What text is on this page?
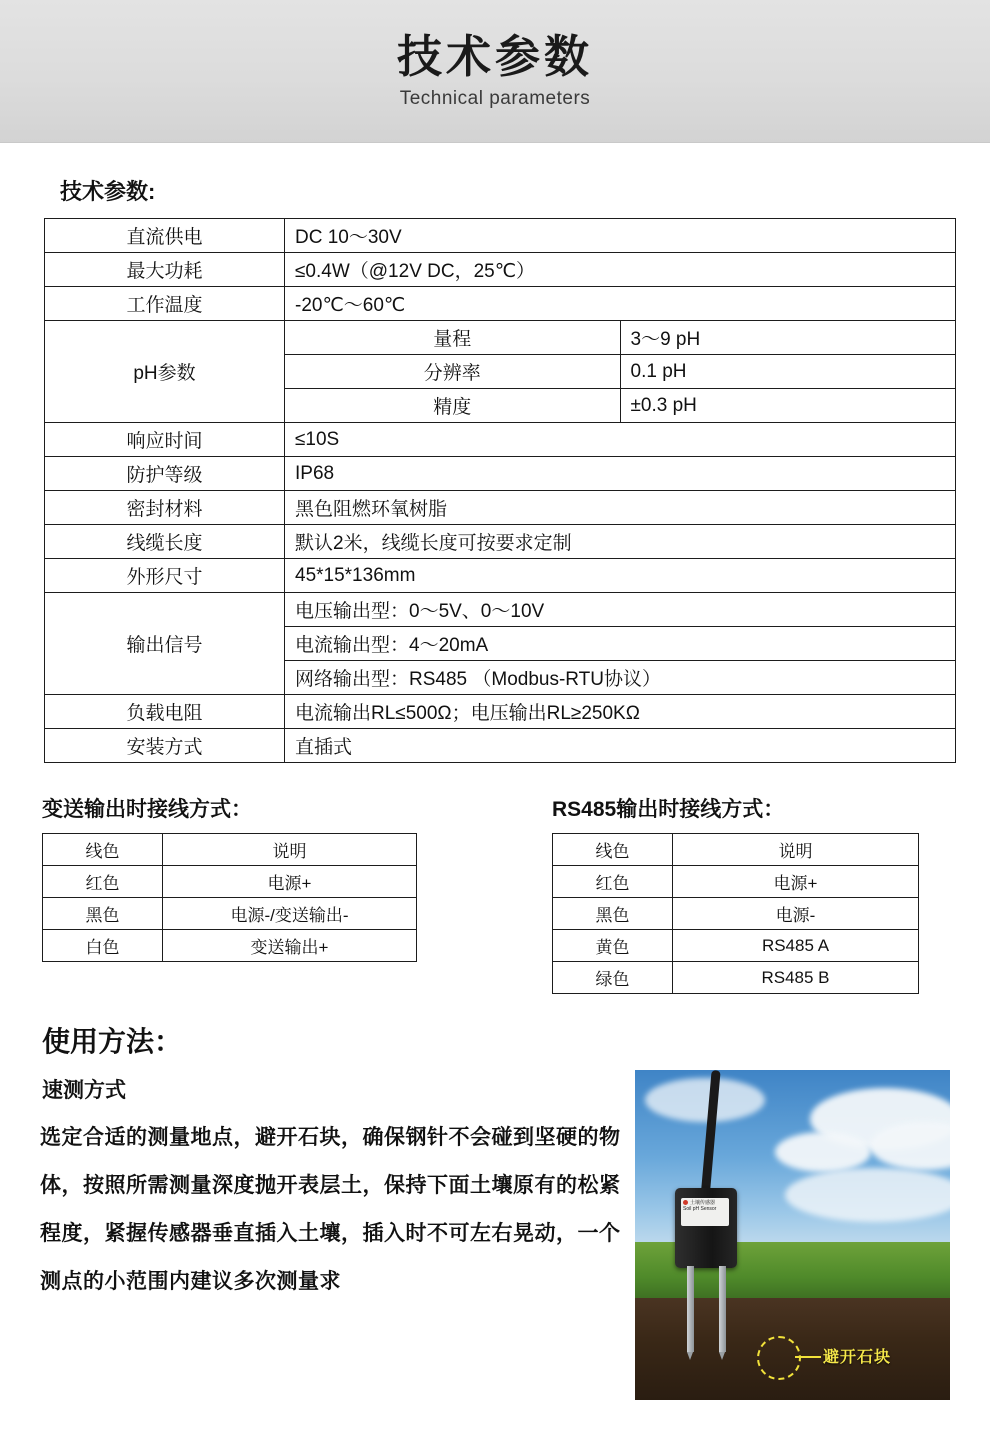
技术参数
Technical parameters
技术参数:
直流供电	DC 10～30V	
最大功耗	≤0.4W（@12V DC，25℃）	
工作温度	-20℃～60℃	
pH参数	量程	3～9 pH
	分辨率	0.1 pH
	精度	±0.3 pH
响应时间	≤10S	
防护等级	IP68	
密封材料	黑色阻燃环氧树脂	
线缆长度	默认2米，线缆长度可按要求定制	
外形尺寸	45*15*136mm	
输出信号	电压输出型：0～5V、0～10V	
	电流输出型：4～20mA	
	网络输出型：RS485 （Modbus-RTU协议）	
负载电阻	电流输出RL≤500Ω；电压输出RL≥250KΩ	
安装方式	直插式	
变送输出时接线方式：
线色	说明
红色	电源+
黑色	电源-/变送输出-
白色	变送输出+
RS485输出时接线方式：
线色	说明
红色	电源+
黑色	电源-
黄色	RS485 A
绿色	RS485 B
使用方法：
速测方式
选定合适的测量地点，避开石块，确保钢针不会碰到坚硬的物体，按照所需测量深度抛开表层土，保持下面土壤原有的松紧程度，紧握传感器垂直插入土壤，插入时不可左右晃动，一个测点的小范围内建议多次测量求
土壤传感器
Soil pH Sensor
避开石块
